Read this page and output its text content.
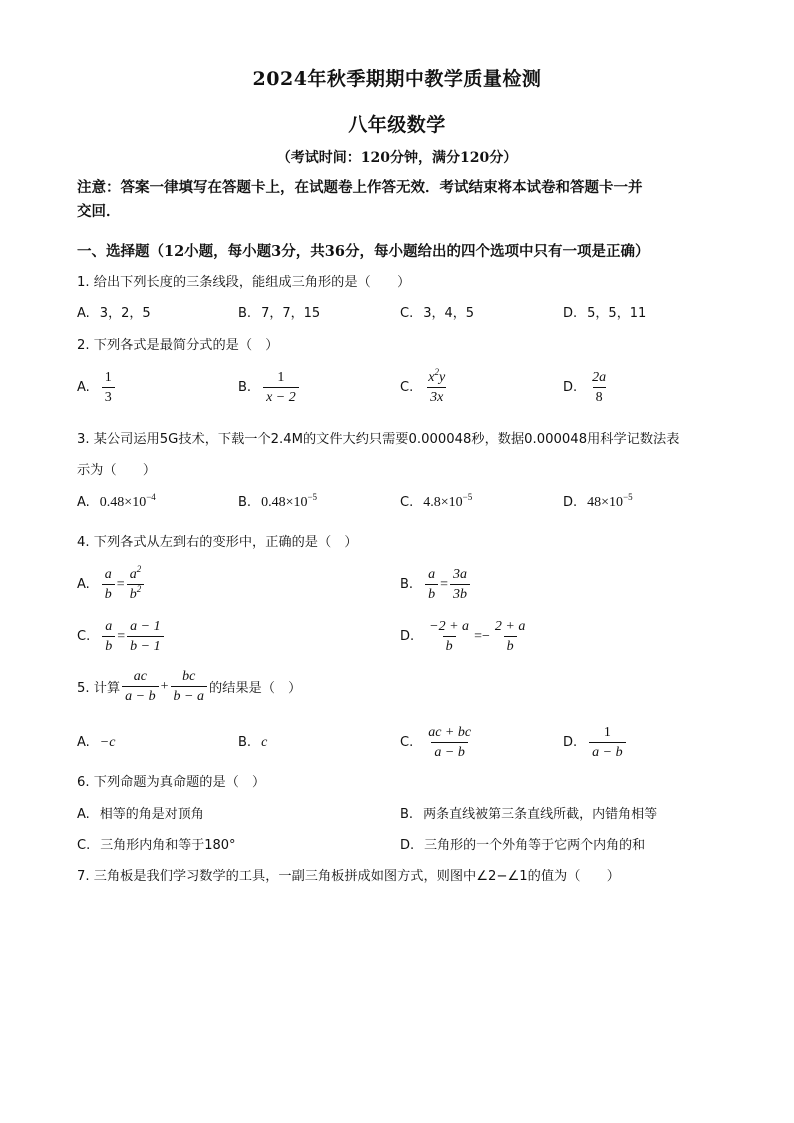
2024年秋季期期中教学质量检测
八年级数学
（考试时间：120分钟，满分120分）
注意：答案一律填写在答题卡上，在试题卷上作答无效．考试结束将本试卷和答题卡一并
交回．
一、选择题（12小题，每小题3分，共36分，每小题给出的四个选项中只有一项是正确）
1. 给出下列长度的三条线段，能组成三角形的是（　　）
A. 3，2，5	B. 7，7，15	C. 3，4，5	D. 5，5，11
2. 下列各式是最简分式的是（　）
A. $\frac{1}{3}$	B. $\frac{1}{x - 2}$	C. $\frac{x^2y}{3x}$	D. $\frac{2a}{8}$
3. 某公司运用5G技术，下载一个2.4M的文件大约只需要0.000048秒，数据0.000048用科学记数法表
示为（　　）
A. $0.48\times 10^{-4}$	B. $0.48\times 10^{-5}$	C. $4.8\times 10^{-5}$	D. $48\times 10^{-5}$
4. 下列各式从左到右的变形中，正确的是（　）
A. $\frac{a}{b} = \frac{a^2}{b^2}$	B. $\frac{a}{b} = \frac{3a}{3b}$
C. $\frac{a}{b} = \frac{a - 1}{b - 1}$	D. $\frac{-2 + a}{b}$ = − $\frac{2 + a}{b}$
5. 计算 $\frac{ac}{a - b} + \frac{bc}{b - a}$ 的结果是（　）
A. −c	B. c	C. $\frac{ac + bc}{a - b}$	D. $\frac{1}{a - b}$
6. 下列命题为真命题的是（　）
A. 相等的角是对顶角	B. 两条直线被第三条直线所截，内错角相等
C. 三角形内角和等于180°	D. 三角形的一个外角等于它两个内角的和
7. 三角板是我们学习数学的工具，一副三角板拼成如图方式，则图中∠2−∠1的值为（　　）
